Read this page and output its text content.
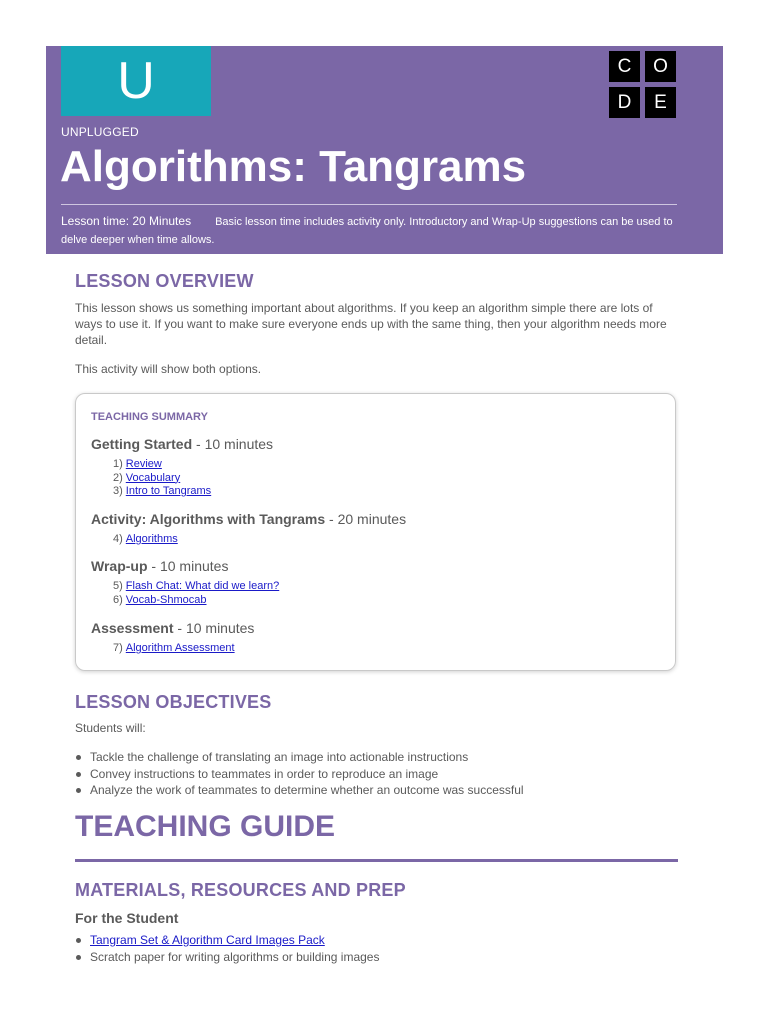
U	C	O
D	E
UNPLUGGED
Algorithms: Tangrams
Lesson time: 20 Minutes Basic lesson time includes activity only. Introductory and Wrap-Up suggestions can be used to delve deeper when time allows.
LESSON OVERVIEW
This lesson shows us something important about algorithms. If you keep an algorithm simple there are lots of ways to use it. If you want to make sure everyone ends up with the same thing, then your algorithm needs more detail.
This activity will show both options.
TEACHING SUMMARY
Getting Started - 10 minutes
1) Review
2) Vocabulary
3) Intro to Tangrams
Activity: Algorithms with Tangrams - 20 minutes
4) Algorithms
Wrap-up - 10 minutes
5) Flash Chat: What did we learn?
6) Vocab-Shmocab
Assessment - 10 minutes
7) Algorithm Assessment
LESSON OBJECTIVES
Students will:
Tackle the challenge of translating an image into actionable instructions
Convey instructions to teammates in order to reproduce an image
Analyze the work of teammates to determine whether an outcome was successful
TEACHING GUIDE
MATERIALS, RESOURCES AND PREP
For the Student
Tangram Set & Algorithm Card Images Pack
Scratch paper for writing algorithms or building images
